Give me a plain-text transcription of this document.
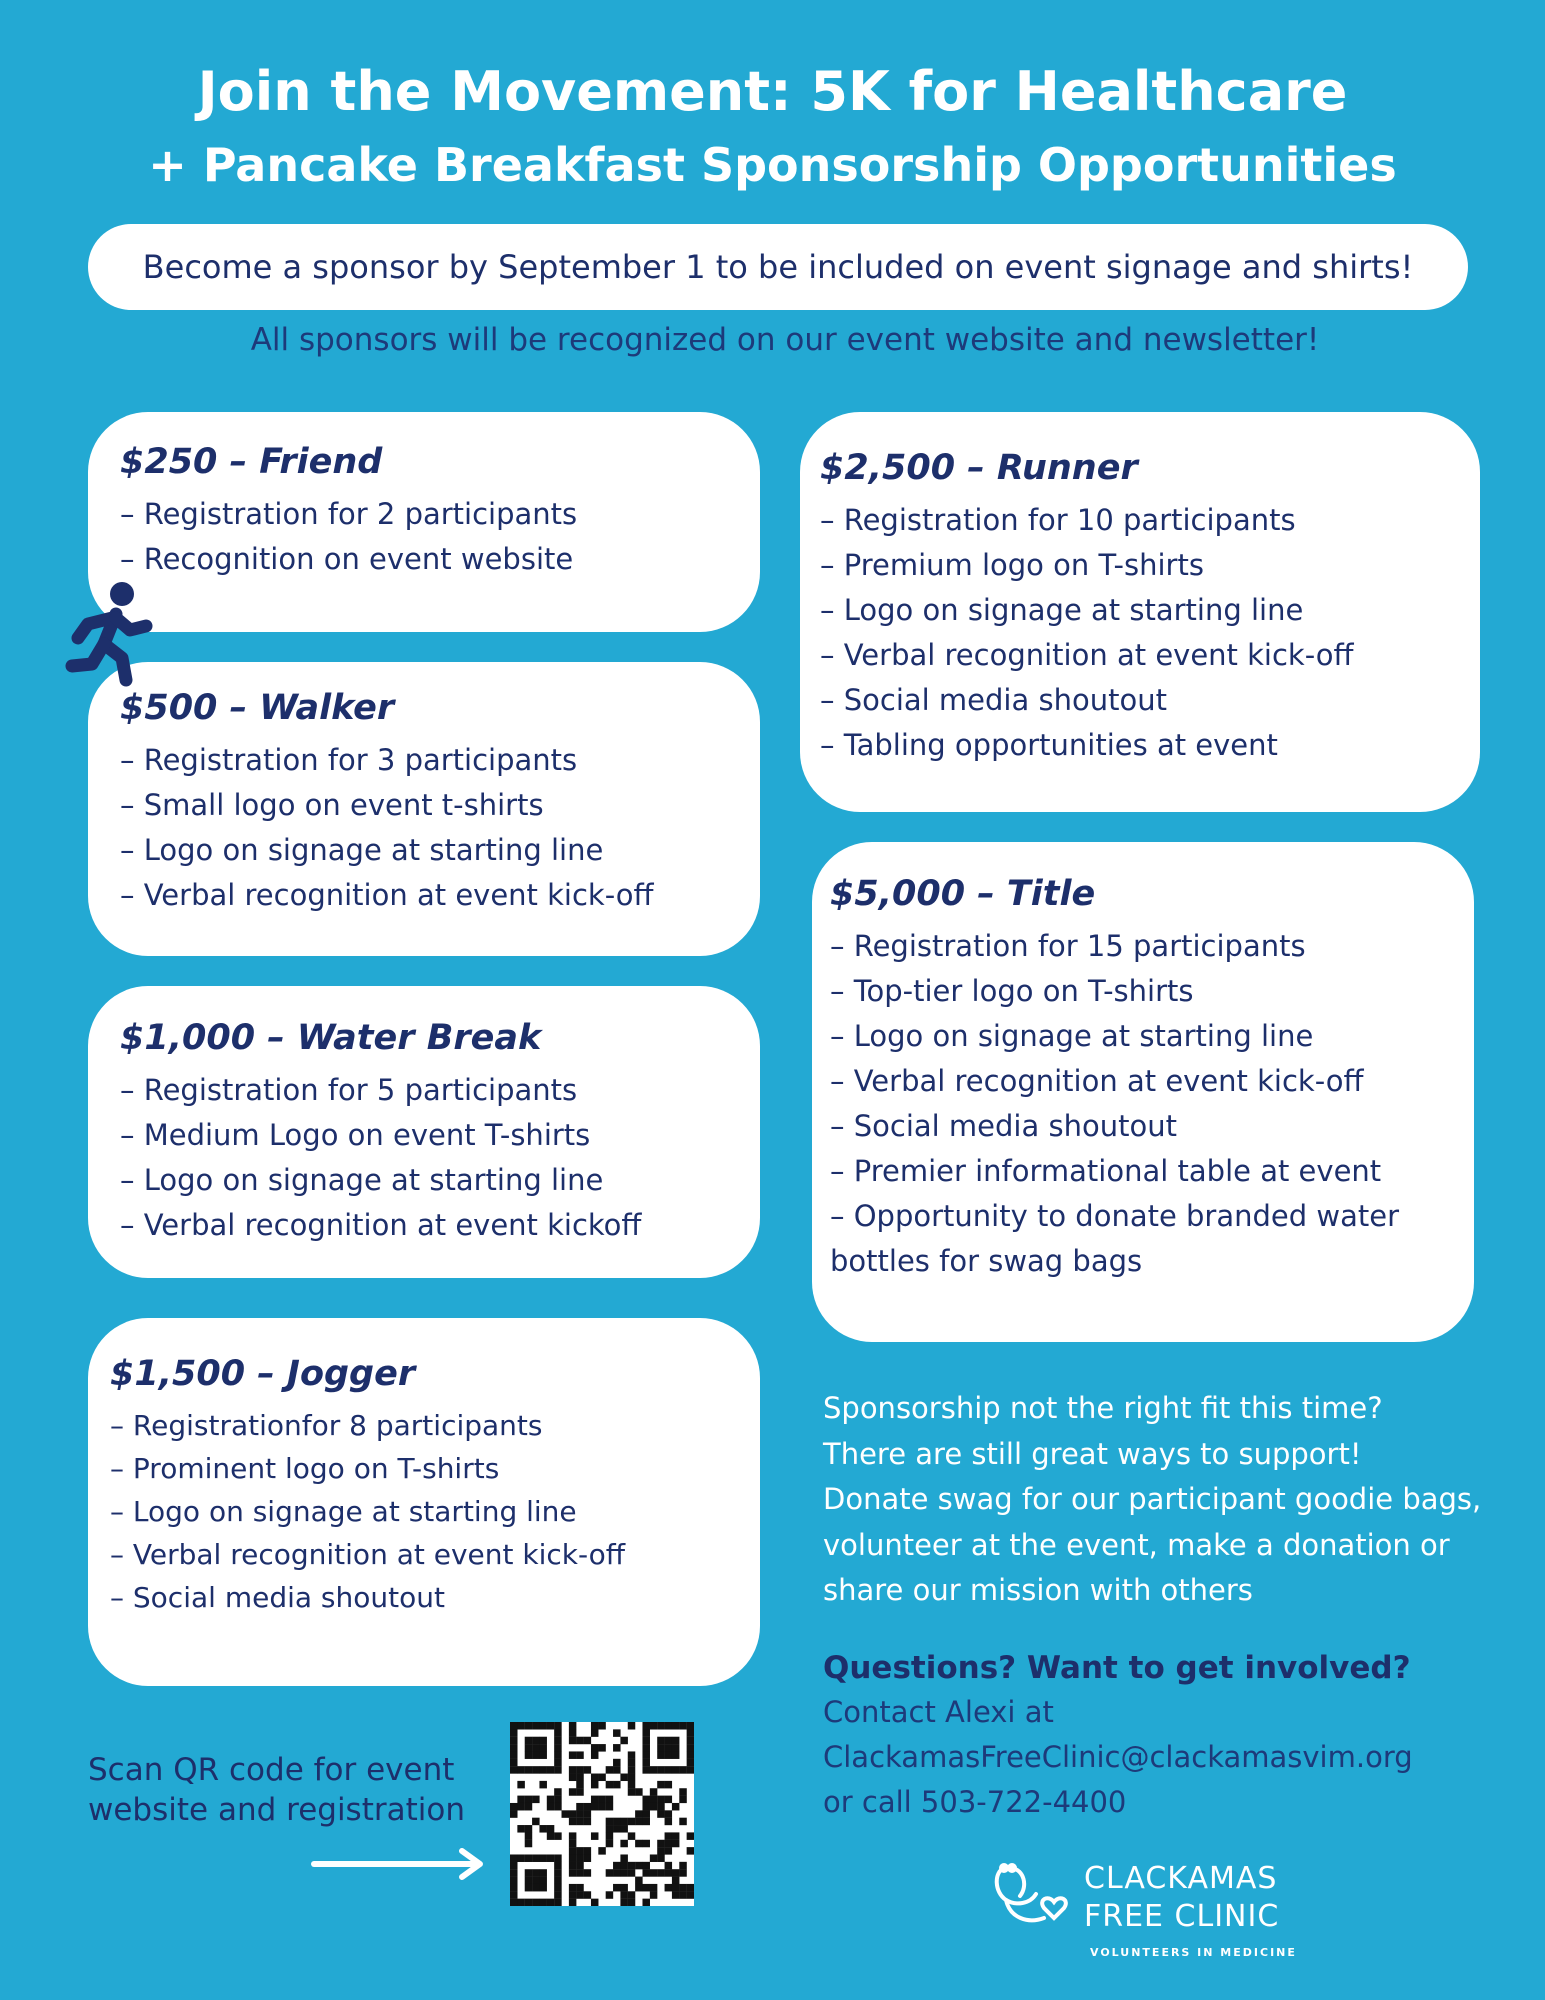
Join the Movement: 5K for Healthcare
+ Pancake Breakfast Sponsorship Opportunities
Become a sponsor by September 1 to be included on event signage and shirts!
All sponsors will be recognized on our event website and newsletter!
$250 – Friend
– Registration for 2 participants
– Recognition on event website
$500 – Walker
– Registration for 3 participants
– Small logo on event t-shirts
– Logo on signage at starting line
– Verbal recognition at event kick-off
$1,000 – Water Break
– Registration for 5 participants
– Medium Logo on event T-shirts
– Logo on signage at starting line
– Verbal recognition at event kickoff
$1,500 – Jogger
– Registrationfor 8 participants
– Prominent logo on T-shirts
– Logo on signage at starting line
– Verbal recognition at event kick-off
– Social media shoutout
$2,500 – Runner
– Registration for 10 participants
– Premium logo on T-shirts
– Logo on signage at starting line
– Verbal recognition at event kick-off
– Social media shoutout
– Tabling opportunities at event
$5,000 – Title
– Registration for 15 participants
– Top-tier logo on T-shirts
– Logo on signage at starting line
– Verbal recognition at event kick-off
– Social media shoutout
– Premier informational table at event
– Opportunity to donate branded water bottles for swag bags
Sponsorship not the right fit this time?
There are still great ways to support!
Donate swag for our participant goodie bags,
volunteer at the event, make a donation or
share our mission with others
Questions? Want to get involved?
Contact Alexi at
ClackamasFreeClinic@clackamasvim.org
or call 503-722-4400
Scan QR code for event
website and registration
CLACKAMAS
FREE CLINIC
VOLUNTEERS IN MEDICINE
